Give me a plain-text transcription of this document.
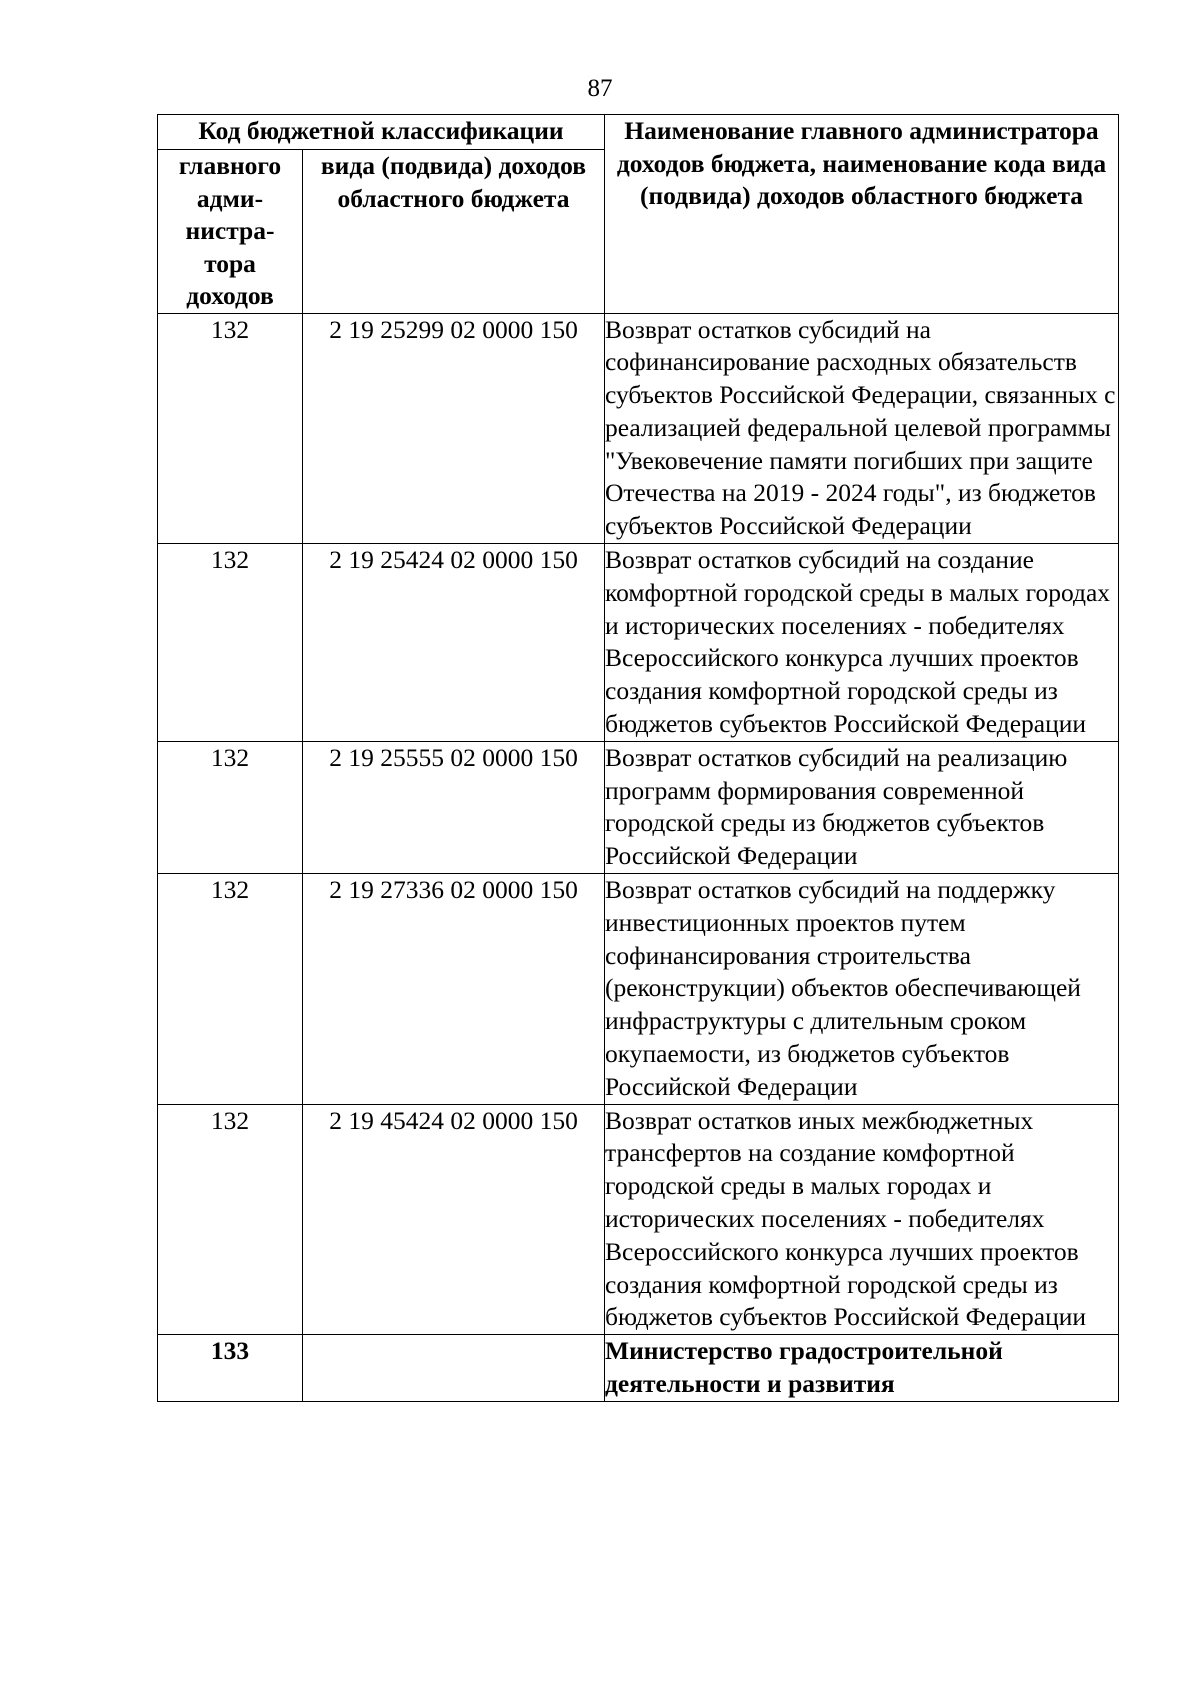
87
Код бюджетной классификации		Наименование главного администратора доходов бюджета, наименование кода вида (подвида) доходов областного бюджета
главного
адми-
нистра-
тора
доходов	вида (подвида) доходов областного бюджета	
132	2 19 25299 02 0000 150	Возврат остатков субсидий на софинансирование расходных обязательств субъектов Российской Федерации, связанных с реализацией федеральной целевой программы "Увековечение памяти погибших при защите Отечества на 2019 - 2024 годы", из бюджетов субъектов Российской Федерации
132	2 19 25424 02 0000 150	Возврат остатков субсидий на создание комфортной городской среды в малых городах и исторических поселениях - победителях Всероссийского конкурса лучших проектов создания комфортной городской среды из бюджетов субъектов Российской Федерации
132	2 19 25555 02 0000 150	Возврат остатков субсидий на реализацию программ формирования современной городской среды из бюджетов субъектов Российской Федерации
132	2 19 27336 02 0000 150	Возврат остатков субсидий на поддержку инвестиционных проектов путем софинансирования строительства (реконструкции) объектов обеспечивающей инфраструктуры с длительным сроком окупаемости, из бюджетов субъектов Российской Федерации
132	2 19 45424 02 0000 150	Возврат остатков иных межбюджетных трансфертов на создание комфортной городской среды в малых городах и исторических поселениях - победителях Всероссийского конкурса лучших проектов создания комфортной городской среды из бюджетов субъектов Российской Федерации
133		Министерство градостроительной деятельности и развития
